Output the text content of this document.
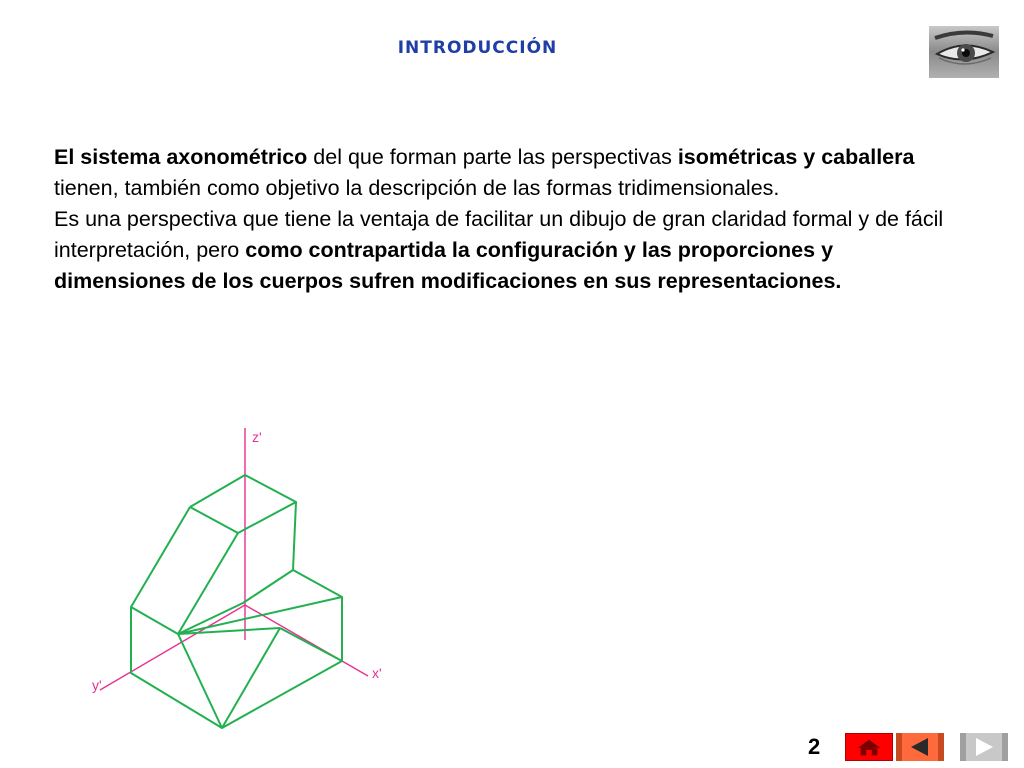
INTRODUCCIÓN

El sistema axonométrico del que forman parte las perspectivas isométricas y caballera tienen, también como objetivo la descripción de las formas tridimensionales.

Es una perspectiva que tiene la ventaja de facilitar un dibujo de gran claridad formal y de fácil interpretación, pero como contrapartida la configuración y las proporciones y dimensiones de los cuerpos sufren modificaciones en sus representaciones.

z'
x'
y'
2
